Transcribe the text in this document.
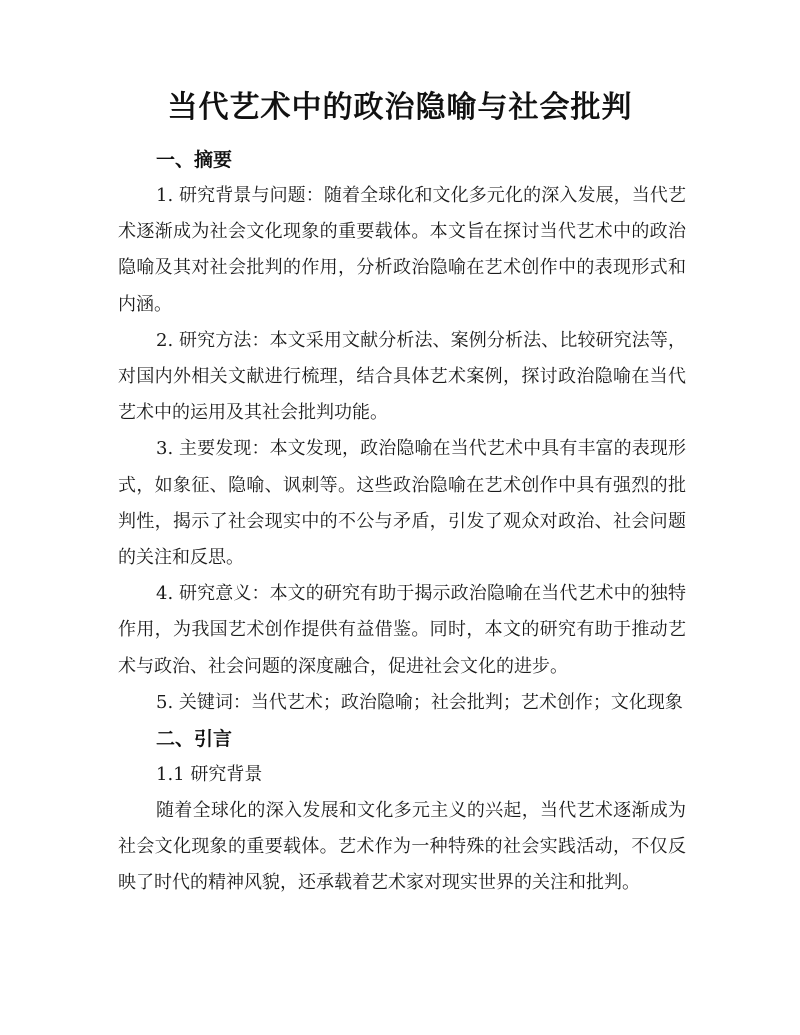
当代艺术中的政治隐喻与社会批判
一、摘要

1. 研究背景与问题：随着全球化和文化多元化的深入发展，当代艺术逐渐成为社会文化现象的重要载体。本文旨在探讨当代艺术中的政治隐喻及其对社会批判的作用，分析政治隐喻在艺术创作中的表现形式和内涵。

2. 研究方法：本文采用文献分析法、案例分析法、比较研究法等，对国内外相关文献进行梳理，结合具体艺术案例，探讨政治隐喻在当代艺术中的运用及其社会批判功能。

3. 主要发现：本文发现，政治隐喻在当代艺术中具有丰富的表现形式，如象征、隐喻、讽刺等。这些政治隐喻在艺术创作中具有强烈的批判性，揭示了社会现实中的不公与矛盾，引发了观众对政治、社会问题的关注和反思。

4. 研究意义：本文的研究有助于揭示政治隐喻在当代艺术中的独特作用，为我国艺术创作提供有益借鉴。同时，本文的研究有助于推动艺术与政治、社会问题的深度融合，促进社会文化的进步。

5. 关键词：当代艺术；政治隐喻；社会批判；艺术创作；文化现象

二、引言
1.1 研究背景

随着全球化的深入发展和文化多元主义的兴起，当代艺术逐渐成为社会文化现象的重要载体。艺术作为一种特殊的社会实践活动，不仅反映了时代的精神风貌，还承载着艺术家对现实世界的关注和批判。
